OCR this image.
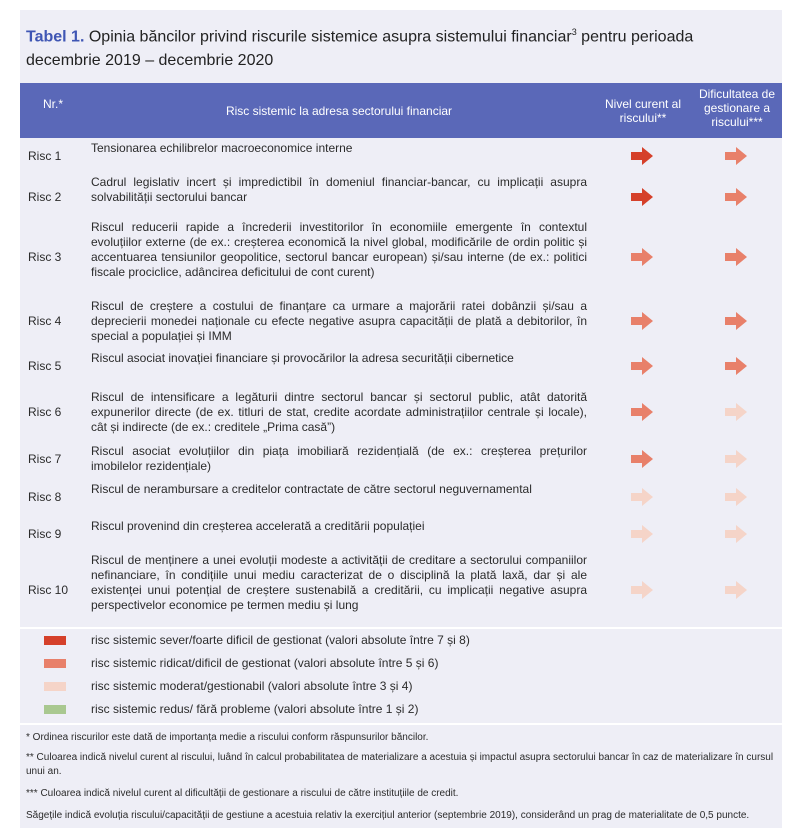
Tabel 1. Opinia băncilor privind riscurile sistemice asupra sistemului financiar$^3$ pentru perioada decembrie 2019 – decembrie 2020
Nr.*	Risc sistemic la adresa sectorului financiar	Nivel curent al riscului**
Dificultatea de gestionare a riscului***
Risc 1
Tensionarea echilibrelor macroeconomice interne
Risc 2
Cadrul legislativ incert și impredictibil în domeniul financiar-bancar, cu implicații asupra solvabilității sectorului bancar
Risc 3
Riscul reducerii rapide a încrederii investitorilor în economiile emergente în contextul evoluțiilor externe (de ex.: creșterea economică la nivel global, modificările de ordin politic și accentuarea tensiunilor geopolitice, sectorul bancar european) și/sau interne (de ex.: politici fiscale prociclice, adâncirea deficitului de cont curent)
Risc 4
Riscul de creștere a costului de finanțare ca urmare a majorării ratei dobânzii și/sau a deprecierii monedei naționale cu efecte negative asupra capacității de plată a debitorilor, în special a populației și IMM
Risc 5
Riscul asociat inovației financiare și provocărilor la adresa securității cibernetice
Risc 6
Riscul de intensificare a legăturii dintre sectorul bancar și sectorul public, atât datorită expunerilor directe (de ex. titluri de stat, credite acordate administrațiilor centrale și locale), cât și indirecte (de ex.: creditele „Prima casă”)
Risc 7
Riscul asociat evoluțiilor din piața imobiliară rezidențială (de ex.: creșterea prețurilor imobilelor rezidențiale)
Risc 8
Riscul de nerambursare a creditelor contractate de către sectorul neguvernamental
Risc 9
Riscul provenind din creșterea accelerată a creditării populației
Risc 10
Riscul de menținere a unei evoluții modeste a activității de creditare a sectorului companiilor nefinanciare, în condițiile unui mediu caracterizat de o disciplină la plată laxă, dar și ale existenței unui potențial de creștere sustenabilă a creditării, cu implicații negative asupra perspectivelor economice pe termen mediu și lung
risc sistemic sever/foarte dificil de gestionat (valori absolute între 7 și 8)
risc sistemic ridicat/dificil de gestionat (valori absolute între 5 și 6)
risc sistemic moderat/gestionabil (valori absolute între 3 și 4)
risc sistemic redus/ fără probleme (valori absolute între 1 și 2)
* Ordinea riscurilor este dată de importanța medie a riscului conform răspunsurilor băncilor.
** Culoarea indică nivelul curent al riscului, luând în calcul probabilitatea de materializare a acestuia și impactul asupra sectorului bancar în caz de materializare în cursul unui an.
*** Culoarea indică nivelul curent al dificultății de gestionare a riscului de către instituțiile de credit.
Săgețile indică evoluția riscului/capacității de gestiune a acestuia relativ la exercițiul anterior (septembrie 2019), considerând un prag de materialitate de 0,5 puncte.
